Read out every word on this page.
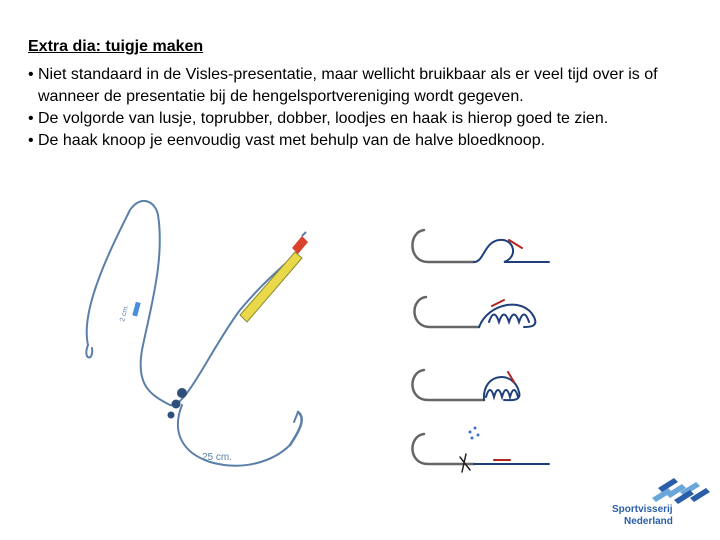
Extra dia: tuigje maken
• Niet standaard in de Visles-presentatie, maar wellicht bruikbaar als er veel tijd over is of wanneer de presentatie bij de hengelsportvereniging wordt gegeven.
• De volgorde van lusje, toprubber, dobber, loodjes en haak is hierop goed te zien.
• De haak knoop je eenvoudig vast met behulp van de halve bloedknoop.
2 cm.
25 cm.
Sportvisserij
Nederland
